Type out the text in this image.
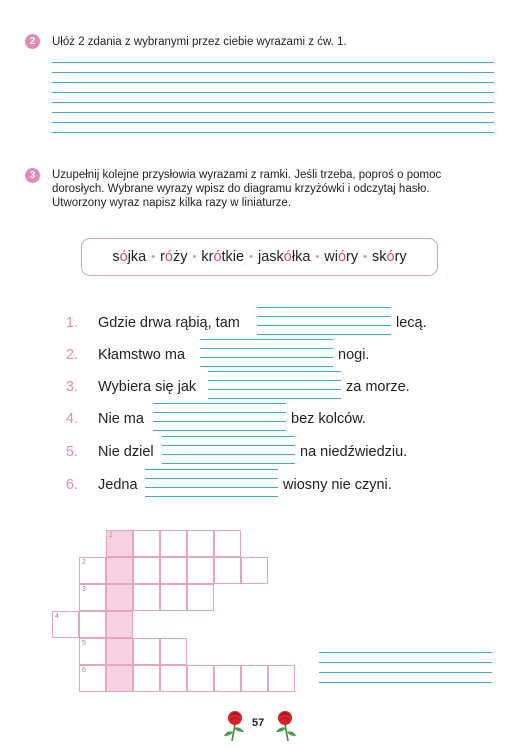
2	Ułóż 2 zdania z wybranymi przez ciebie wyrazami z ćw. 1.
3	Uzupełnij kolejne przysłowia wyrazami z ramki. Jeśli trzeba, poproś o pomoc
dorosłych. Wybrane wyrazy wpisz do diagramu krzyżówki i odczytaj hasło.
Utworzony wyraz napisz kilka razy w liniaturze.
sójka • róży • krótkie • jaskółka • wióry • skóry
1. Gdzie drwa rąbią, tam	lecą.
2. Kłamstwo ma	nogi.
3. Wybiera się jak	za morze.
4. Nie ma	bez kolców.
5. Nie dziel	na niedźwiedziu.
6. Jedna	wiosny nie czyni.
1
2
3
4
5
6
57
